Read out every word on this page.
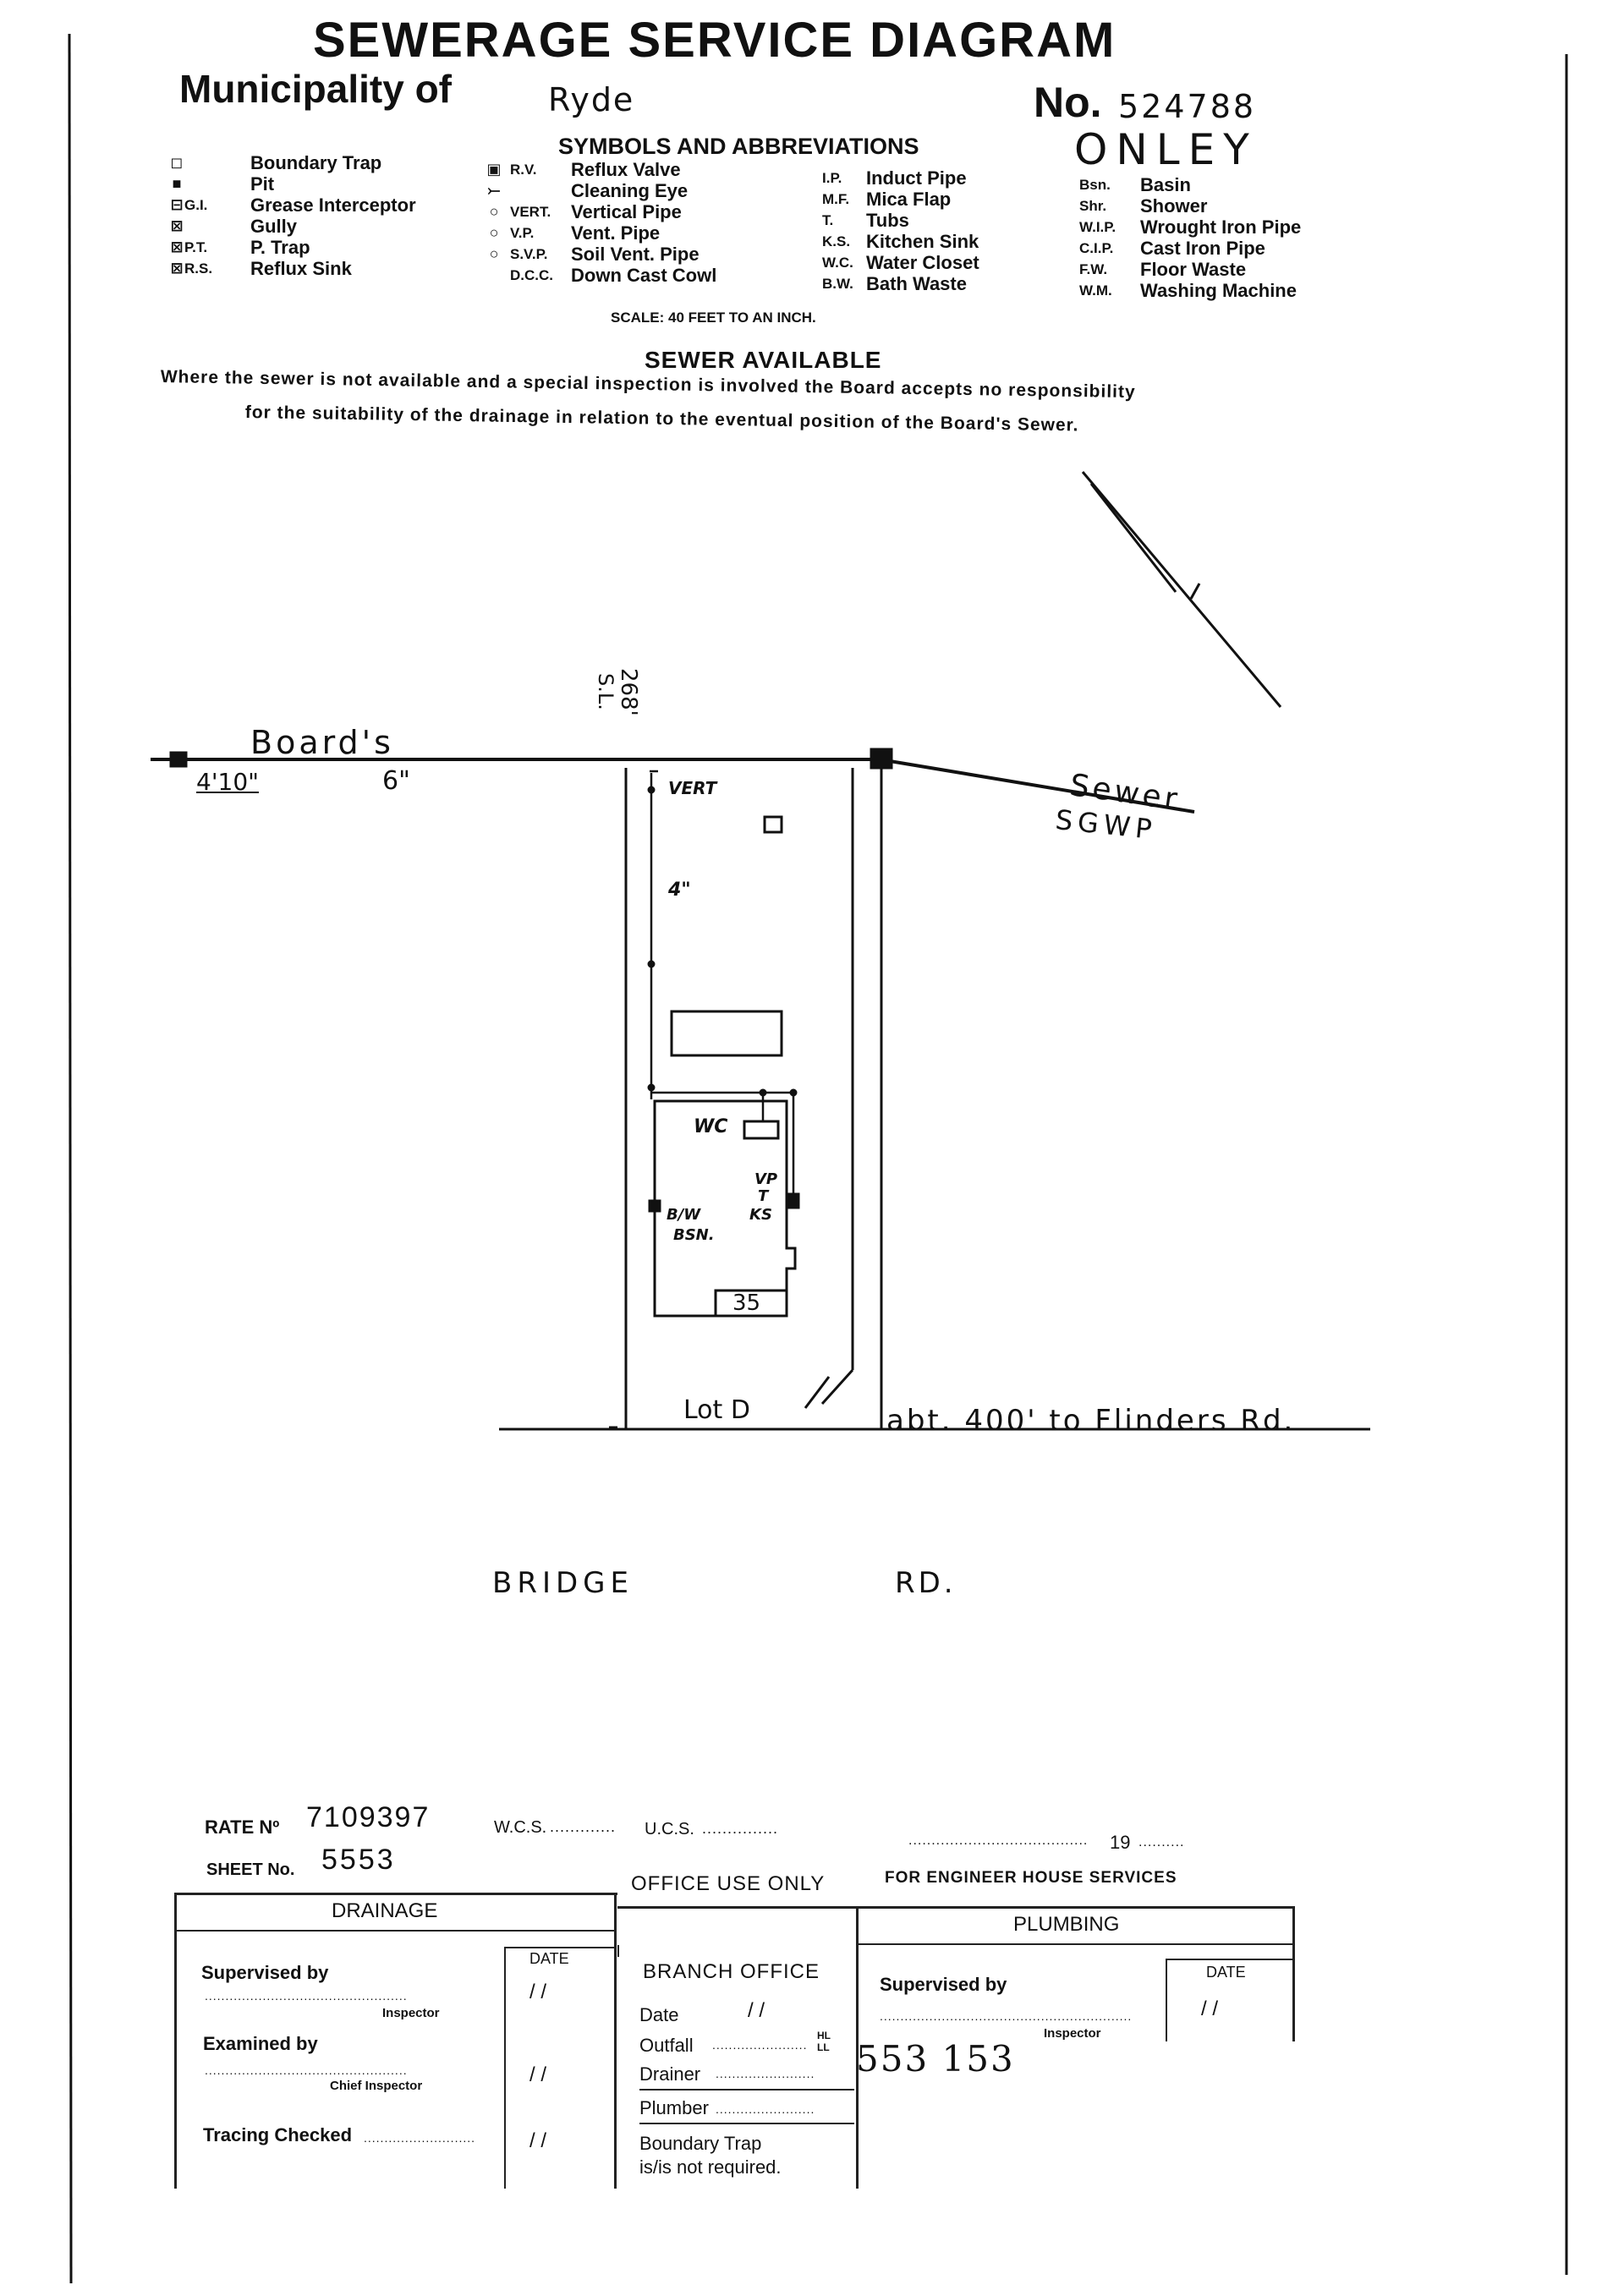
SEWERAGE SERVICE DIAGRAM
Municipality of	Ryde	No. 524788
ONLEY
SYMBOLS AND ABBREVIATIONS
◻	Boundary Trap
■	Pit
⊟ G.I. Grease Interceptor
⊠	Gully
⊠ P.T.	P. Trap
⊠ R.S. Reflux Sink
▣ R.V.	Reflux Valve
⤚	Cleaning Eye
○ VERT.	Vertical Pipe
○ V.P.	Vent. Pipe
○ S.V.P.	Soil Vent. Pipe
D.C.C. Down Cast Cowl
I.P.	Induct Pipe
M.F. Mica Flap
T.	Tubs
K.S. Kitchen Sink
W.C. Water Closet
B.W. Bath Waste
Bsn.	Basin
Shr.	Shower
W.I.P.	Wrought Iron Pipe
C.I.P.	Cast Iron Pipe
F.W.	Floor Waste
W.M.	Washing Machine
SCALE: 40 FEET TO AN INCH.
SEWER AVAILABLE
Where the sewer is not available and a special inspection is involved the Board accepts no responsibility
for the suitability of the drainage in relation to the eventual position of the Board's Sewer.
Board's
4'10"	6"	Sewer
SGWP
268'
S.L.
VERT
4"
WC
VP
T
KS
B/W
BSN.
35
Lot D	abt. 400' to Flinders Rd.
BRIDGE	RD.
RATE Nº 7109397	W.C.S. ............. U.C.S. ...............
....................................... 19 ..........
SHEET No. 5553
OFFICE USE ONLY	FOR ENGINEER HOUSE SERVICES
DRAINAGE
PLUMBING
DATE
DATE
Supervised by
.................................................
Inspector
/ /
Examined by
.................................................
Chief Inspector	/ /
Tracing Checked ...........................	/ /
BRANCH OFFICE
Date	/ /
Outfall .......................
HL
LL
Drainer ........................
Plumber ........................
Boundary Trap
is/is not required.
Supervised by
.............................................................
Inspector
/ /
553 153
